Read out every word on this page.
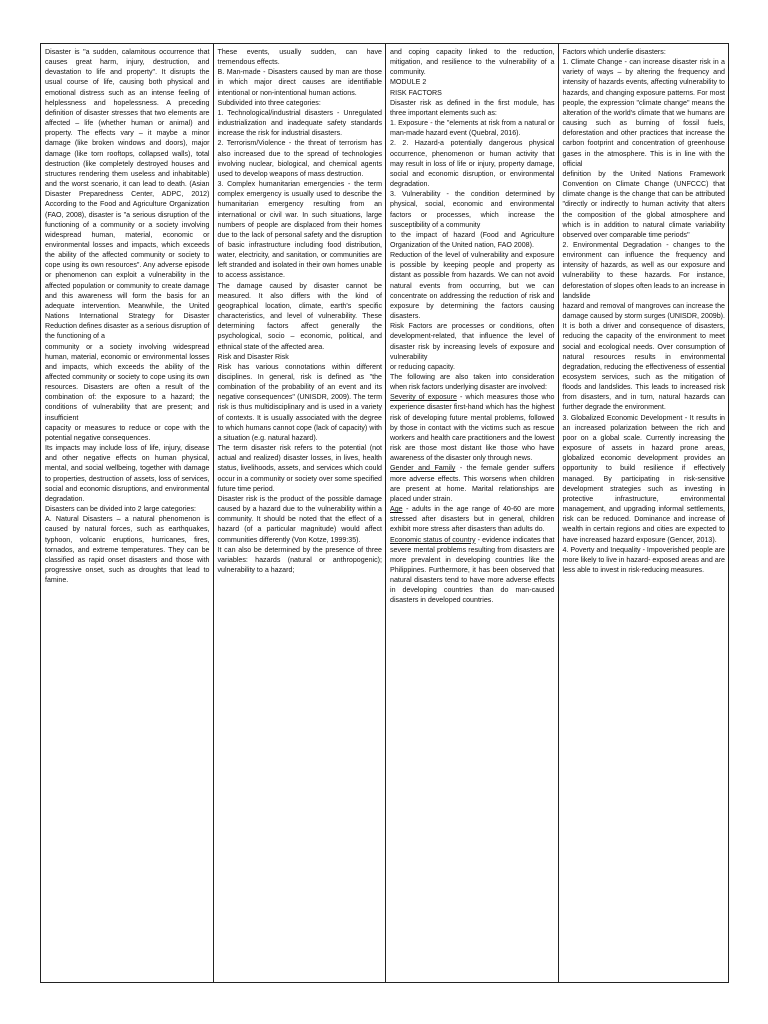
Disaster is "a sudden, calamitous occurrence that causes great harm, injury, destruction, and devastation to life and property". It disrupts the usual course of life, causing both physical and emotional distress such as an intense feeling of helplessness and hopelessness. A preceding definition of disaster stresses that two elements are affected – life (whether human or animal) and property. The effects vary – it maybe a minor damage (like broken windows and doors), major damage (like torn rooftops, collapsed walls), total destruction (like completely destroyed houses and structures rendering them useless and inhabitable) and the worst scenario, it can lead to death. (Asian Disaster Preparedness Center, ADPC, 2012) According to the Food and Agriculture Organization (FAO, 2008), disaster is "a serious disruption of the functioning of a community or a society involving widespread human, material, economic or environmental losses and impacts, which exceeds the ability of the affected community or society to cope using its own resources". Any adverse episode or phenomenon can exploit a vulnerability in the affected population or community to create damage and this awareness will form the basis for an adequate intervention. Meanwhile, the United Nations International Strategy for Disaster Reduction defines disaster as a serious disruption of the functioning of a

community or a society involving widespread human, material, economic or environmental losses and impacts, which exceeds the ability of the affected community or society to cope using its own resources. Disasters are often a result of the combination of: the exposure to a hazard; the conditions of vulnerability that are present; and insufficient

capacity or measures to reduce or cope with the potential negative consequences.

Its impacts may include loss of life, injury, disease and other negative effects on human physical, mental, and social wellbeing, together with damage to properties, destruction of assets, loss of services, social and economic disruptions, and environmental degradation.

Disasters can be divided into 2 large categories:

A. Natural Disasters – a natural phenomenon is caused by natural forces, such as earthquakes, typhoon, volcanic eruptions, hurricanes, fires, tornados, and extreme temperatures. They can be classified as rapid onset disasters and those with progressive onset, such as droughts that lead to famine.

These events, usually sudden, can have tremendous effects.

B. Man-made - Disasters caused by man are those in which major direct causes are identifiable intentional or non-intentional human actions.

Subdivided into three categories:

1. Technological/industrial disasters - Unregulated industrialization and inadequate safety standards increase the risk for industrial disasters.

2. Terrorism/Violence - the threat of terrorism has also increased due to the spread of technologies involving nuclear, biological, and chemical agents used to develop weapons of mass destruction.

3. Complex humanitarian emergencies - the term complex emergency is usually used to describe the humanitarian emergency resulting from an international or civil war. In such situations, large numbers of people are displaced from their homes due to the lack of personal safety and the disruption of basic infrastructure including food distribution, water, electricity, and sanitation, or communities are left stranded and isolated in their own homes unable to access assistance.

The damage caused by disaster cannot be measured. It also differs with the kind of geographical location, climate, earth's specific characteristics, and level of vulnerability. These determining factors affect generally the psychological, socio – economic, political, and ethnical state of the affected area.

Risk and Disaster Risk

Risk has various connotations within different disciplines. In general, risk is defined as "the combination of the probability of an event and its negative consequences" (UNISDR, 2009). The term risk is thus multidisciplinary and is used in a variety of contexts. It is usually associated with the degree to which humans cannot cope (lack of capacity) with a situation (e.g. natural hazard).

The term disaster risk refers to the potential (not actual and realized) disaster losses, in lives, health status, livelihoods, assets, and services which could occur in a community or society over some specified future time period.

Disaster risk is the product of the possible damage caused by a hazard due to the vulnerability within a community. It should be noted that the effect of a hazard (of a particular magnitude) would affect communities differently (Von Kotze, 1999:35).

It can also be determined by the presence of three variables: hazards (natural or anthropogenic); vulnerability to a hazard;

and coping capacity linked to the reduction, mitigation, and resilience to the vulnerability of a community.

MODULE 2

RISK FACTORS

Disaster risk as defined in the first module, has three important elements such as:

1. Exposure - the "elements at risk from a natural or man-made hazard event (Quebral, 2016).

2. 2. Hazard-a potentially dangerous physical occurrence, phenomenon or human activity that may result in loss of life or injury, property damage, social and economic disruption, or environmental degradation.

3. Vulnerability - the condition determined by physical, social, economic and environmental factors or processes, which increase the susceptibility of a community

to the impact of hazard (Food and Agriculture Organization of the United nation, FAO 2008).

Reduction of the level of vulnerability and exposure is possible by keeping people and property as distant as possible from hazards. We can not avoid natural events from occurring, but we can concentrate on addressing the reduction of risk and exposure by determining the factors causing disasters.

Risk Factors are processes or conditions, often development-related, that influence the level of disaster risk by increasing levels of exposure and vulnerability

or reducing capacity.

The following are also taken into consideration when risk factors underlying disaster are involved:

Severity of exposure - which measures those who experience disaster first-hand which has the highest risk of developing future mental problems, followed by those in contact with the victims such as rescue workers and health care practitioners and the lowest risk are those most distant like those who have awareness of the disaster only through news.

Gender and Family - the female gender suffers more adverse effects. This worsens when children are present at home. Marital relationships are placed under strain.

Age - adults in the age range of 40-60 are more stressed after disasters but in general, children exhibit more stress after disasters than adults do.

Economic status of country - evidence indicates that severe mental problems resulting from disasters are more prevalent in developing countries like the Philippines. Furthermore, it has been observed that natural disasters tend to have more adverse effects in developing countries than do man-caused disasters in developed countries.

Factors which underlie disasters:

1. Climate Change - can increase disaster risk in a variety of ways – by altering the frequency and intensity of hazards events, affecting vulnerability to hazards, and changing exposure patterns. For most people, the expression "climate change" means the alteration of the world's climate that we humans are causing such as burning of fossil fuels, deforestation and other practices that increase the carbon footprint and concentration of greenhouse gases in the atmosphere. This is in line with the official

definition by the United Nations Framework Convention on Climate Change (UNFCCC) that climate change is the change that can be attributed "directly or indirectly to human activity that alters the composition of the global atmosphere and which is in addition to natural climate variability observed over comparable time periods"

2. Environmental Degradation - changes to the environment can influence the frequency and intensity of hazards, as well as our exposure and vulnerability to these hazards. For instance, deforestation of slopes often leads to an increase in landslide

hazard and removal of mangroves can increase the damage caused by storm surges (UNISDR, 2009b). It is both a driver and consequence of disasters, reducing the capacity of the environment to meet social and ecological needs. Over consumption of natural resources results in environmental degradation, reducing the effectiveness of essential ecosystem services, such as the mitigation of floods and landslides. This leads to increased risk from disasters, and in turn, natural hazards can further degrade the environment.

3. Globalized Economic Development - It results in an increased polarization between the rich and poor on a global scale. Currently increasing the exposure of assets in hazard prone areas, globalized economic development provides an opportunity to build resilience if effectively managed. By participating in risk-sensitive development strategies such as investing in protective infrastructure, environmental management, and upgrading informal settlements, risk can be reduced. Dominance and increase of wealth in certain regions and cities are expected to have increased hazard exposure (Gencer, 2013).

4. Poverty and Inequality - Impoverished people are more likely to live in hazard- exposed areas and are less able to invest in risk-reducing measures.
